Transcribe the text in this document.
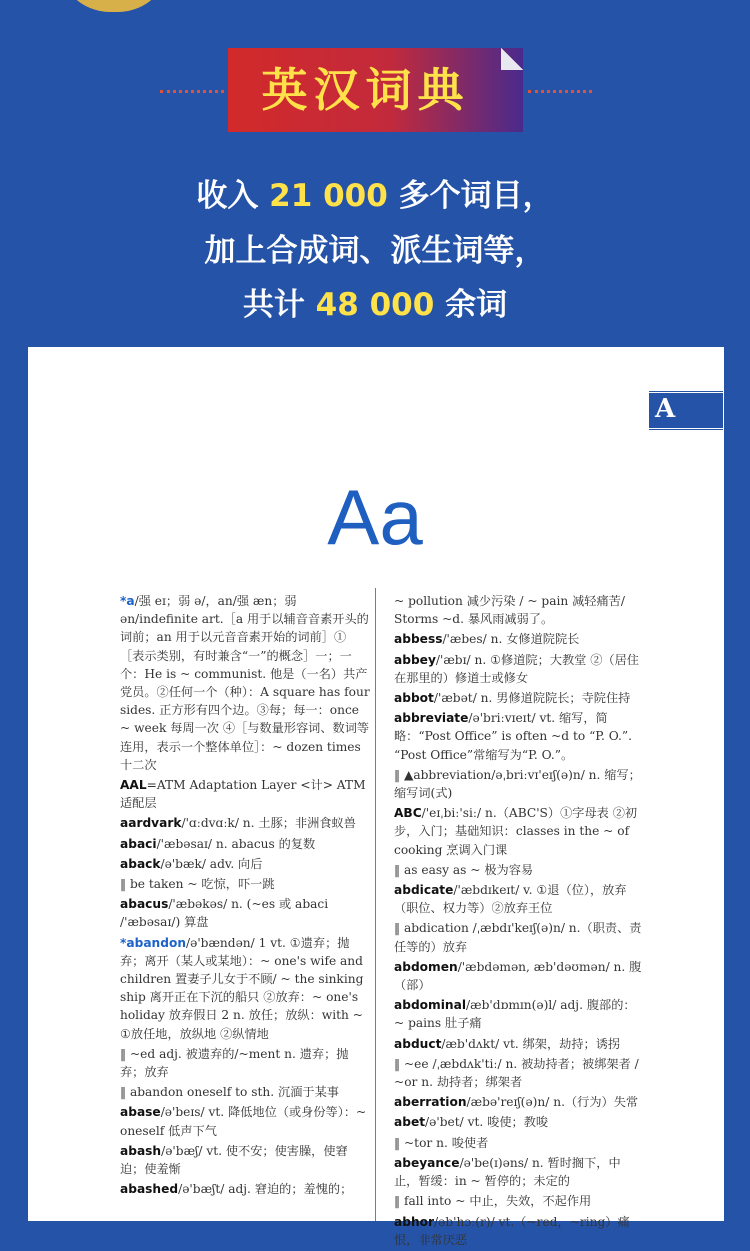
英汉词典
收入 21 000 多个词目，
加上合成词、派生词等，
共计 48 000 余词
A
Aa
*a/强 eɪ；弱 ə/，an/强 æn；弱 ən/indefinite art.［a 用于以辅音音素开头的词前；an 用于以元音音素开始的词前］①［表示类别，有时兼含“一”的概念］一；一个：He is ~ communist. 他是（一名）共产党员。②任何一个（种）：A square has four sides. 正方形有四个边。③每；每一：once ~ week 每周一次 ④［与数量形容词、数词等连用，表示一个整体单位］：~ dozen times 十二次
AAL=ATM Adaptation Layer <计> ATM 适配层
aardvark/'ɑːdvɑːk/ n. 土豚；非洲食蚁兽
abaci/'æbəsaɪ/ n. abacus 的复数
aback/ə'bæk/ adv. 向后
‖ be taken ~ 吃惊，吓一跳
abacus/'æbəkəs/ n. (~es 或 abaci /'æbəsaɪ/) 算盘
*abandon/ə'bændən/ 1 vt. ①遗弃；抛弃；离开（某人或某地）：~ one's wife and children 置妻子儿女于不顾/ ~ the sinking ship 离开正在下沉的船只 ②放弃：~ one's holiday 放弃假日 2 n. 放任；放纵：with ~ ①放任地，放纵地 ②纵情地
‖ ~ed adj. 被遗弃的/~ment n. 遗弃；抛弃；放弃
‖ abandon oneself to sth. 沉湎于某事
abase/ə'beɪs/ vt. 降低地位（或身份等）：~ oneself 低声下气
abash/ə'bæʃ/ vt. 使不安；使害臊，使窘迫；使羞惭
abashed/ə'bæʃt/ adj. 窘迫的；羞愧的；
~ pollution 减少污染 / ~ pain 减轻痛苦/ Storms ~d. 暴风雨减弱了。
abbess/'æbes/ n. 女修道院院长
abbey/'æbɪ/ n. ①修道院；大教堂 ②（居住在那里的）修道士或修女
abbot/'æbət/ n. 男修道院院长；寺院住持
abbreviate/ə'briːvɪeɪt/ vt. 缩写，简略：“Post Office” is often ~d to “P. O.”. “Post Office”常缩写为“P. O.”。
‖ ▲abbreviation/əˌbriːvɪ'eɪʃ(ə)n/ n. 缩写；缩写词(式)
ABC/'eɪˌbiː'siː/ n.（ABC'S）①字母表 ②初步，入门；基础知识：classes in the ~ of cooking 烹调入门课
‖ as easy as ~ 极为容易
abdicate/'æbdɪkeɪt/ v. ①退（位），放弃（职位、权力等）②放弃王位
‖ abdication /ˌæbdɪ'keɪʃ(ə)n/ n.（职责、责任等的）放弃
abdomen/'æbdəmən, æb'dəʊmən/ n. 腹（部）
abdominal/æb'dɒmɪn(ə)l/ adj. 腹部的：~ pains 肚子痛
abduct/æb'dʌkt/ vt. 绑架，劫持；诱拐
‖ ~ee /ˌæbdʌk'tiː/ n. 被劫持者；被绑架者 / ~or n. 劫持者；绑架者
aberration/æbə'reɪʃ(ə)n/ n.（行为）失常
abet/ə'bet/ vt. 唆使；教唆
‖ ~tor n. 唆使者
abeyance/ə'be(ɪ)əns/ n. 暂时搁下，中止，暂缓：in ~ 暂停的；未定的
‖ fall into ~ 中止，失效，不起作用
abhor/əb'hɔː(r)/ vt.（~red，~ring）痛恨，非常厌恶
